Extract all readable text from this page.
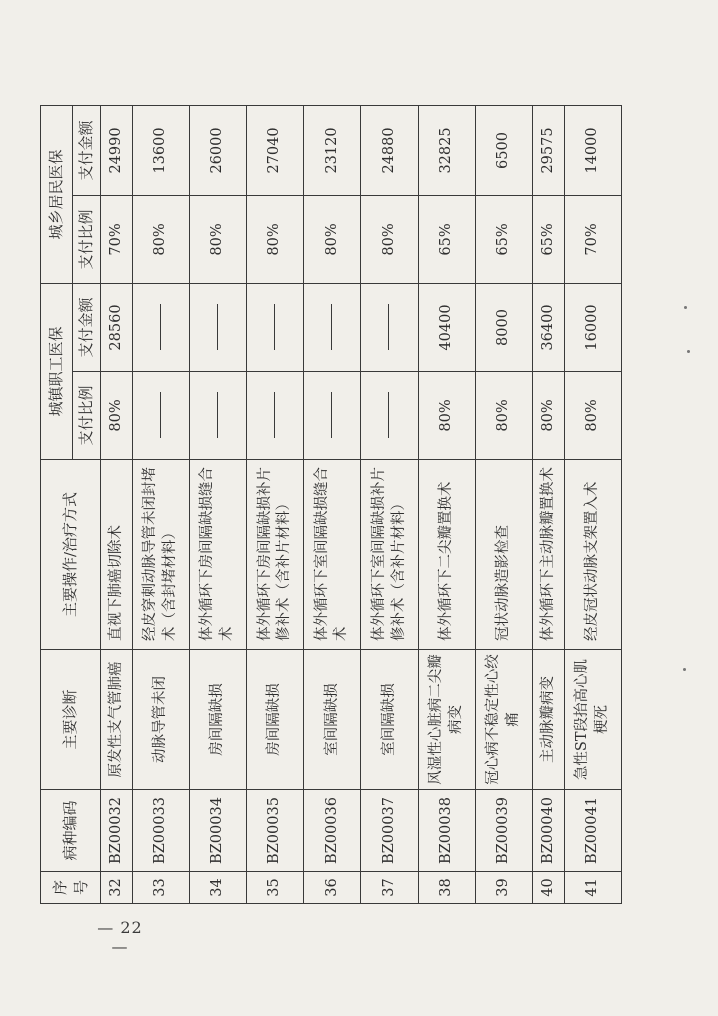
序号	病种编码	主要诊断	主要操作/治疗方式	城镇职工医保		城乡居民医保	
				支付比例	支付金额	支付比例	支付金额
32	BZ00032	原发性支气管肺癌	直视下肺癌切除术	80%	28560	70%	24990
33	BZ00033	动脉导管未闭	经皮穿刺动脉导管未闭封堵术（含封堵材料）			80%	13600
34	BZ00034	房间隔缺损	体外循环下房间隔缺损缝合术			80%	26000
35	BZ00035	房间隔缺损	体外循环下房间隔缺损补片修补术（含补片材料）			80%	27040
36	BZ00036	室间隔缺损	体外循环下室间隔缺损缝合术			80%	23120
37	BZ00037	室间隔缺损	体外循环下室间隔缺损补片修补术（含补片材料）			80%	24880
38	BZ00038	风湿性心脏病二尖瓣病变	体外循环下二尖瓣置换术	80%	40400	65%	32825
39	BZ00039	冠心病不稳定性心绞痛	冠状动脉造影检查	80%	8000	65%	6500
40	BZ00040	主动脉瓣病变	体外循环下主动脉瓣置换术	80%	36400	65%	29575
41	BZ00041	急性ST段抬高心肌梗死	经皮冠状动脉支架置入术	80%	16000	70%	14000
— 22 —
